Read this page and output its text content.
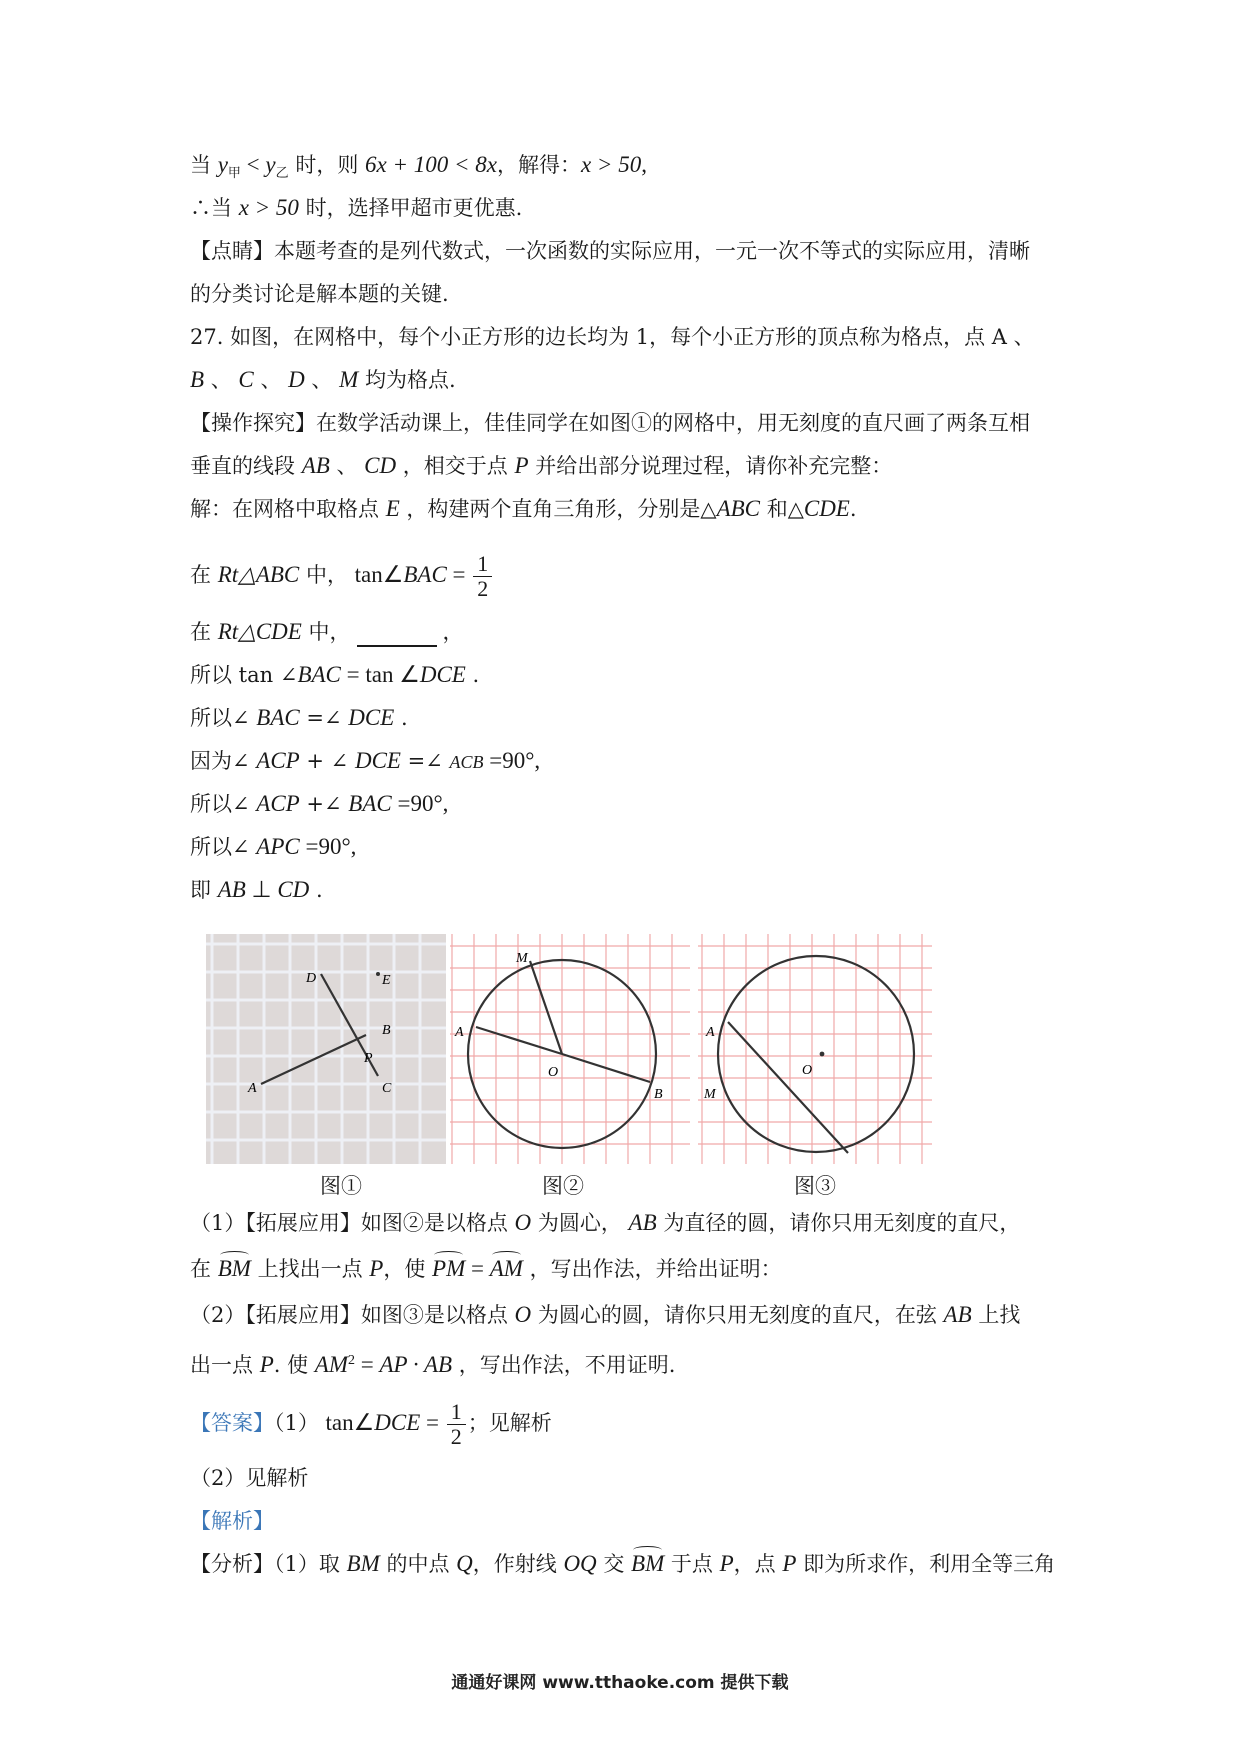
当 $y_甲 < y_乙$ 时，则 6x + 100 < 8x，解得：x > 50,
∴当 x > 50 时，选择甲超市更优惠.
【点睛】本题考查的是列代数式，一次函数的实际应用，一元一次不等式的实际应用，清晰
的分类讨论是解本题的关键.
27. 如图，在网格中，每个小正方形的边长均为 1，每个小正方形的顶点称为格点，点 A 、
B 、 C 、 D 、 M 均为格点.
【操作探究】在数学活动课上，佳佳同学在如图①的网格中，用无刻度的直尺画了两条互相
垂直的线段 AB 、 CD ，相交于点 P 并给出部分说理过程，请你补充完整：
解：在网格中取格点 E ，构建两个直角三角形，分别是△ABC 和△CDE.
在 Rt△ABC 中， tan∠BAC = $\frac{1}{2}$
在 Rt△CDE 中，	，
所以 tan ∠BAC = tan ∠DCE .
所以∠ BAC =∠ DCE .
因为∠ ACP + ∠ DCE =∠ ACB =90°,
所以∠ ACP +∠ BAC =90°,
所以∠ APC =90°,
即 AB ⊥ CD .
D	E
B
P
A	C
图①
M
A
O
B
图②
A
M
O
图③
（1）【拓展应用】如图②是以格点 O 为圆心， AB 为直径的圆，请你只用无刻度的直尺，
在 BM 上找出一点 P，使 PM = AM ，写出作法，并给出证明：
（2）【拓展应用】如图③是以格点 O 为圆心的圆，请你只用无刻度的直尺，在弦 AB 上找
出一点 P. 使 $AM^2$ = AP · AB ，写出作法，不用证明.
【答案】（1） tan∠DCE = $\frac{1}{2}$ ；见解析
（2）见解析
【解析】
【分析】（1）取 BM 的中点 Q，作射线 OQ 交 BM 于点 P，点 P 即为所求作，利用全等三角
通通好课网 www.tthaoke.com 提供下载
